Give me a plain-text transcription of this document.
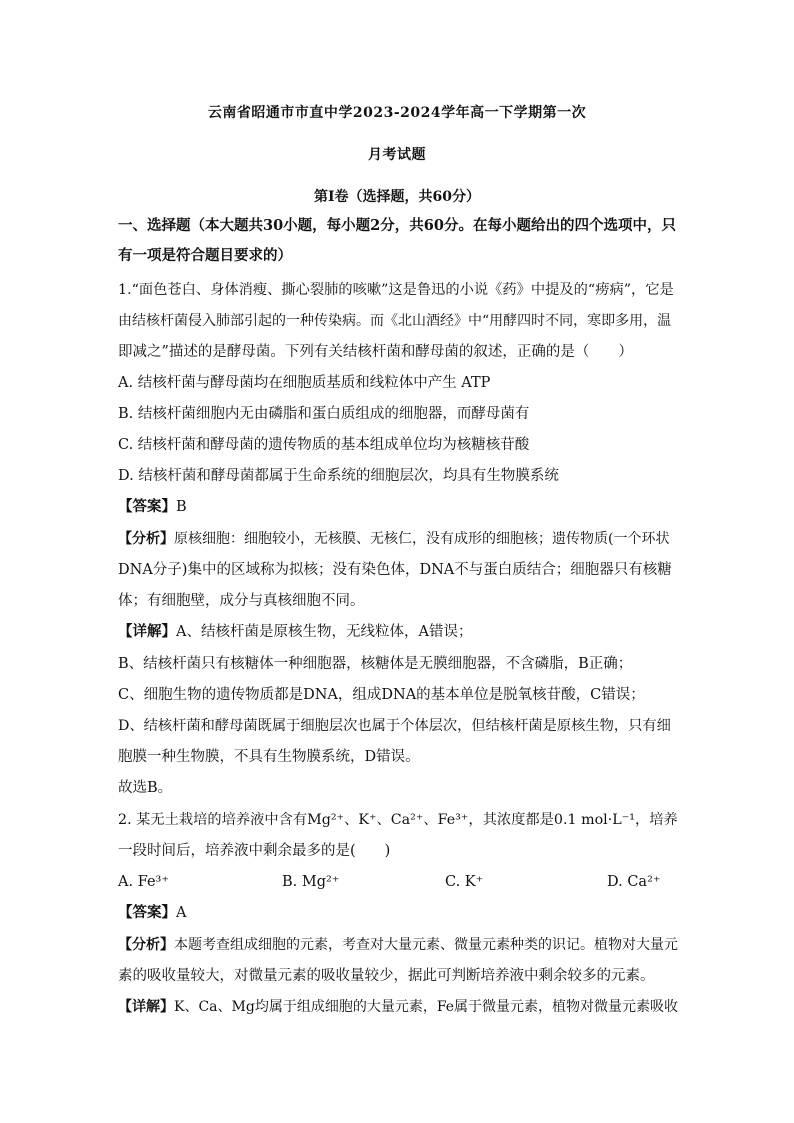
云南省昭通市市直中学2023-2024学年高一下学期第一次
月考试题
第Ⅰ卷（选择题，共60分）
一、选择题（本大题共30小题，每小题2分，共60分。在每小题给出的四个选项中，只
有一项是符合题目要求的）
1.“面色苍白、身体消瘦、撕心裂肺的咳嗽”这是鲁迅的小说《药》中提及的“痨病”，它是
由结核杆菌侵入肺部引起的一种传染病。而《北山酒经》中“用酵四时不同，寒即多用，温
即减之”描述的是酵母菌。下列有关结核杆菌和酵母菌的叙述，正确的是（　　）
A. 结核杆菌与酵母菌均在细胞质基质和线粒体中产生 ATP
B. 结核杆菌细胞内无由磷脂和蛋白质组成的细胞器，而酵母菌有
C. 结核杆菌和酵母菌的遗传物质的基本组成单位均为核糖核苷酸
D. 结核杆菌和酵母菌都属于生命系统的细胞层次，均具有生物膜系统
【答案】B
【分析】原核细胞：细胞较小，无核膜、无核仁，没有成形的细胞核；遗传物质(一个环状
DNA分子)集中的区域称为拟核；没有染色体，DNA不与蛋白质结合；细胞器只有核糖
体；有细胞壁，成分与真核细胞不同。
【详解】A、结核杆菌是原核生物，无线粒体，A错误；
B、结核杆菌只有核糖体一种细胞器，核糖体是无膜细胞器，不含磷脂，B正确；
C、细胞生物的遗传物质都是DNA，组成DNA的基本单位是脱氧核苷酸，C错误；
D、结核杆菌和酵母菌既属于细胞层次也属于个体层次，但结核杆菌是原核生物，只有细
胞膜一种生物膜，不具有生物膜系统，D错误。
故选B。
2. 某无土栽培的培养液中含有Mg²⁺、K⁺、Ca²⁺、Fe³⁺，其浓度都是0.1 mol·L⁻¹，培养
一段时间后，培养液中剩余最多的是(　　)
A. Fe³⁺	B. Mg²⁺	C. K⁺	D. Ca²⁺
【答案】A
【分析】本题考查组成细胞的元素，考查对大量元素、微量元素种类的识记。植物对大量元
素的吸收量较大，对微量元素的吸收量较少，据此可判断培养液中剩余较多的元素。
【详解】K、Ca、Mg均属于组成细胞的大量元素，Fe属于微量元素，植物对微量元素吸收
